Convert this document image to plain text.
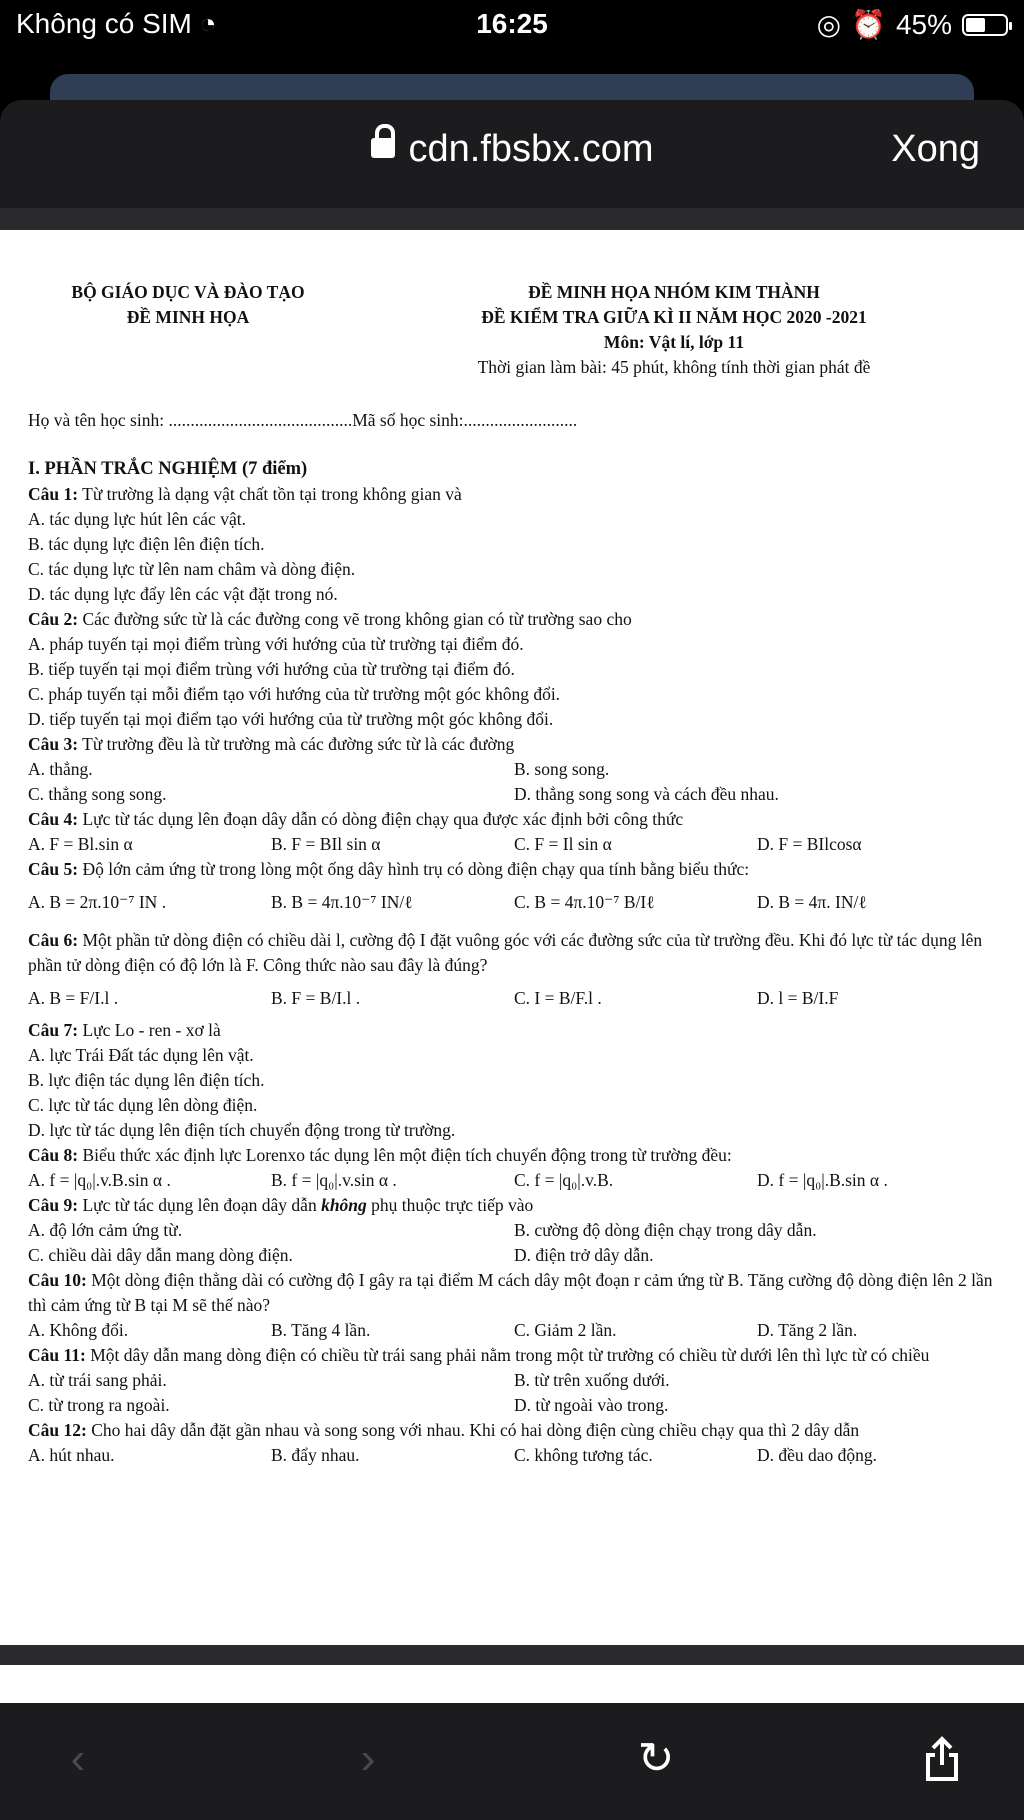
Không có SIM ◔	16:25	◎ ⏰ 45%
cdn.fbsbx.com	Xong
BỘ GIÁO DỤC VÀ ĐÀO TẠO
ĐỀ MINH HỌA
ĐỀ MINH HỌA NHÓM KIM THÀNH
ĐỀ KIỂM TRA GIỮA KÌ II NĂM HỌC 2020 -2021
Môn: Vật lí, lớp 11
Thời gian làm bài: 45 phút, không tính thời gian phát đề
Họ và tên học sinh: ..........................................Mã số học sinh:..........................
I. PHẦN TRẮC NGHIỆM (7 điểm)
Câu 1: Từ trường là dạng vật chất tồn tại trong không gian và
A. tác dụng lực hút lên các vật.
B. tác dụng lực điện lên điện tích.
C. tác dụng lực từ lên nam châm và dòng điện.
D. tác dụng lực đẩy lên các vật đặt trong nó.
Câu 2: Các đường sức từ là các đường cong vẽ trong không gian có từ trường sao cho
A. pháp tuyến tại mọi điểm trùng với hướng của từ trường tại điểm đó.
B. tiếp tuyến tại mọi điểm trùng với hướng của từ trường tại điểm đó.
C. pháp tuyến tại mỗi điểm tạo với hướng của từ trường một góc không đổi.
D. tiếp tuyến tại mọi điểm tạo với hướng của từ trường một góc không đổi.
Câu 3: Từ trường đều là từ trường mà các đường sức từ là các đường
A. thẳng.	B. song song.
C. thẳng song song.	D. thẳng song song và cách đều nhau.
Câu 4: Lực từ tác dụng lên đoạn dây dẫn có dòng điện chạy qua được xác định bởi công thức
A. F = Bl.sin α	B. F = BIl sin α	C. F = Il sin α	D. F = BIlcosα
Câu 5: Độ lớn cảm ứng từ trong lòng một ống dây hình trụ có dòng điện chạy qua tính bằng biểu thức:
A. B = 2π.10⁻⁷ IN .	B. B = 4π.10⁻⁷ IN/ℓ	C. B = 4π.10⁻⁷ B/Iℓ	D. B = 4π. IN/ℓ
Câu 6: Một phần tử dòng điện có chiều dài l, cường độ I đặt vuông góc với các đường sức của từ trường đều. Khi đó lực từ tác dụng lên phần tử dòng điện có độ lớn là F. Công thức nào sau đây là đúng?
A. B = F/I.l .	B. F = B/I.l .	C. I = B/F.l .	D. l = B/I.F
Câu 7: Lực Lo - ren - xơ là
A. lực Trái Đất tác dụng lên vật.
B. lực điện tác dụng lên điện tích.
C. lực từ tác dụng lên dòng điện.
D. lực từ tác dụng lên điện tích chuyển động trong từ trường.
Câu 8: Biểu thức xác định lực Lorenxo tác dụng lên một điện tích chuyển động trong từ trường đều:
A. f = |q₀|.v.B.sin α .	B. f = |q₀|.v.sin α .	C. f = |q₀|.v.B.	D. f = |q₀|.B.sin α .
Câu 9: Lực từ tác dụng lên đoạn dây dẫn không phụ thuộc trực tiếp vào
A. độ lớn cảm ứng từ.	B. cường độ dòng điện chạy trong dây dẫn.
C. chiều dài dây dẫn mang dòng điện.	D. điện trở dây dẫn.
Câu 10: Một dòng điện thẳng dài có cường độ I gây ra tại điểm M cách dây một đoạn r cảm ứng từ B. Tăng cường độ dòng điện lên 2 lần thì cảm ứng từ B tại M sẽ thế nào?
A. Không đổi.	B. Tăng 4 lần.	C. Giảm 2 lần.	D. Tăng 2 lần.
Câu 11: Một dây dẫn mang dòng điện có chiều từ trái sang phải nằm trong một từ trường có chiều từ dưới lên thì lực từ có chiều
A. từ trái sang phải.	B. từ trên xuống dưới.
C. từ trong ra ngoài.	D. từ ngoài vào trong.
Câu 12: Cho hai dây dẫn đặt gần nhau và song song với nhau. Khi có hai dòng điện cùng chiều chạy qua thì 2 dây dẫn
A. hút nhau.	B. đẩy nhau.	C. không tương tác.	D. đều dao động.
‹	›	↻
